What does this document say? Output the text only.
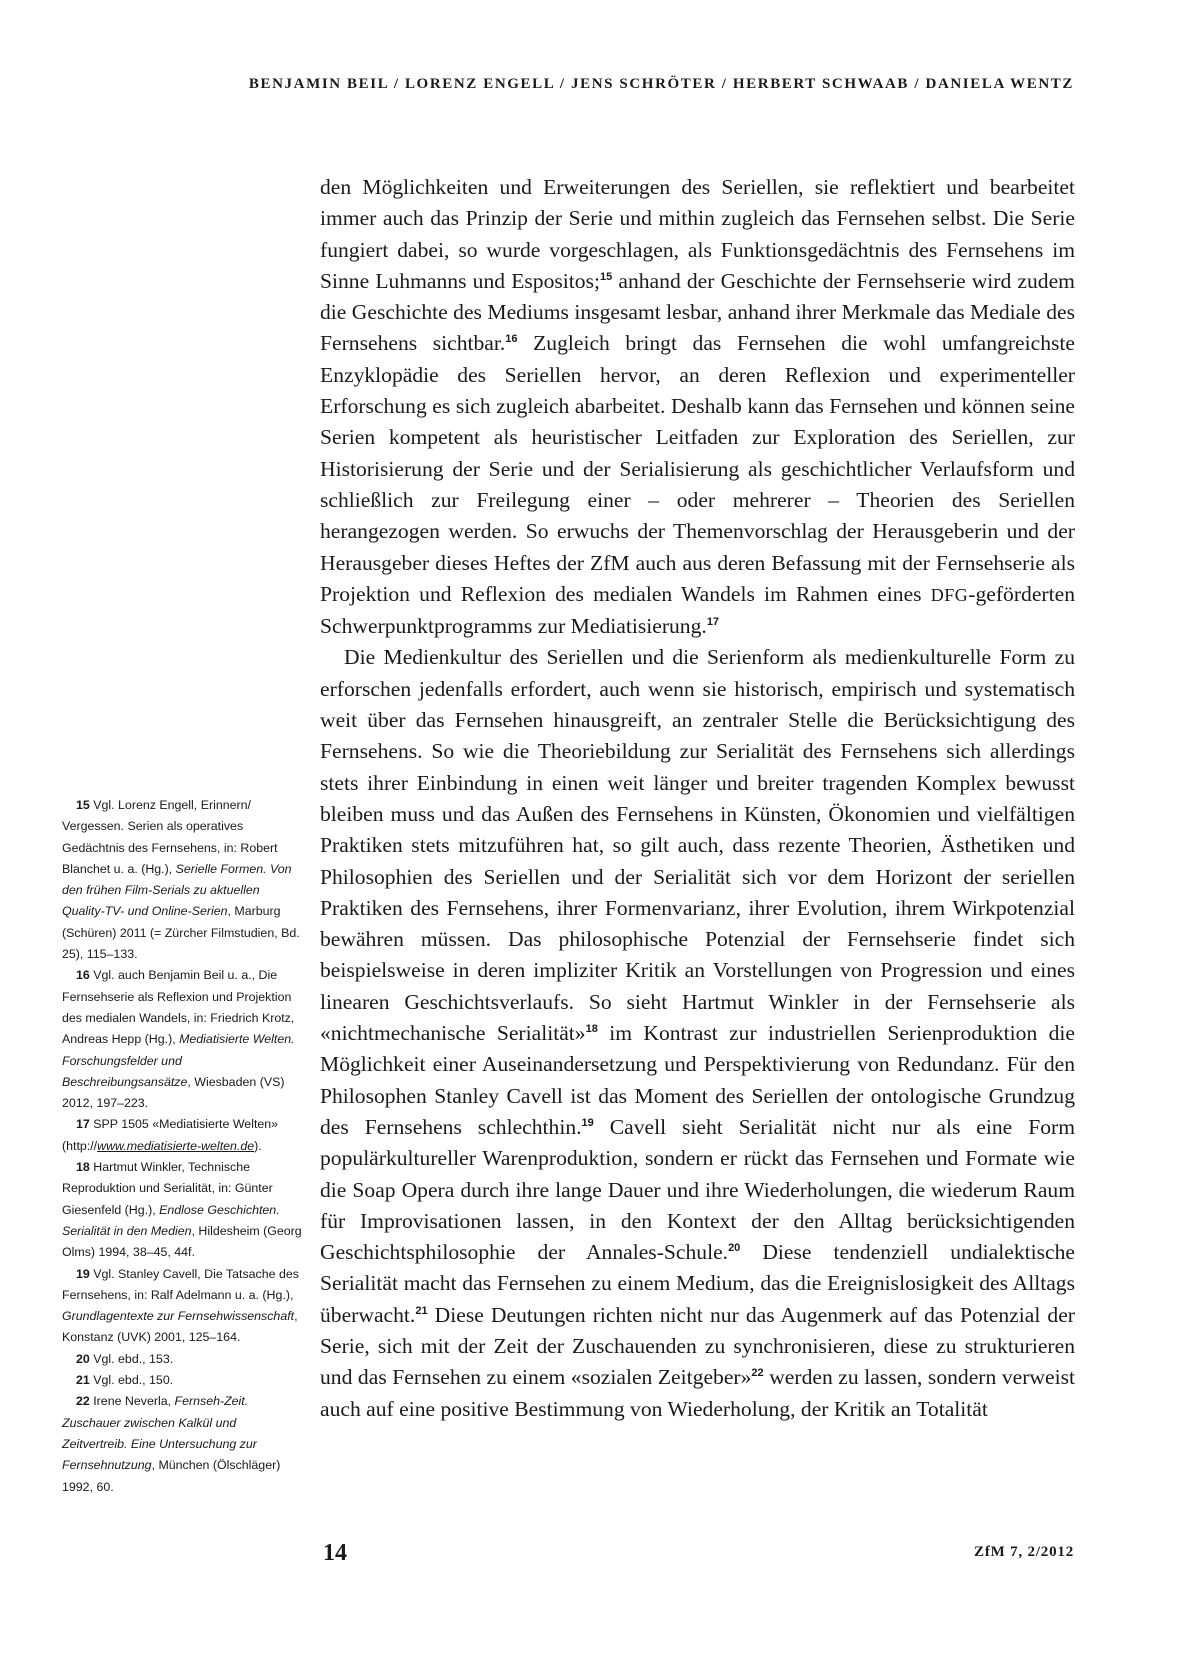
BENJAMIN BEIL / LORENZ ENGELL / JENS SCHRÖTER / HERBERT SCHWAAB / DANIELA WENTZ

den Möglichkeiten und Erweiterungen des Seriellen, sie reflektiert und bearbeitet immer auch das Prinzip der Serie und mithin zugleich das Fernsehen selbst. Die Serie fungiert dabei, so wurde vorgeschlagen, als Funktionsgedächtnis des Fernsehens im Sinne Luhmanns und Espositos;$^{15}$ anhand der Geschichte der Fernsehserie wird zudem die Geschichte des Mediums insgesamt lesbar, anhand ihrer Merkmale das Mediale des Fernsehens sichtbar.$^{16}$ Zugleich bringt das Fernsehen die wohl umfangreichste Enzyklopädie des Seriellen hervor, an deren Reflexion und experimenteller Erforschung es sich zugleich abarbeitet. Deshalb kann das Fernsehen und können seine Serien kompetent als heuristischer Leitfaden zur Exploration des Seriellen, zur Historisierung der Serie und der Serialisierung als geschichtlicher Verlaufsform und schließlich zur Freilegung einer – oder mehrerer – Theorien des Seriellen herangezogen werden. So erwuchs der Themenvorschlag der Herausgeberin und der Herausgeber dieses Heftes der ZfM auch aus deren Befassung mit der Fernsehserie als Projektion und Reflexion des medialen Wandels im Rahmen eines DFG-geförderten Schwerpunktprogramms zur Mediatisierung.$^{17}$

Die Medienkultur des Seriellen und die Serienform als medienkulturelle Form zu erforschen jedenfalls erfordert, auch wenn sie historisch, empirisch und systematisch weit über das Fernsehen hinausgreift, an zentraler Stelle die Berücksichtigung des Fernsehens. So wie die Theoriebildung zur Serialität des Fernsehens sich allerdings stets ihrer Einbindung in einen weit länger und breiter tragenden Komplex bewusst bleiben muss und das Außen des Fernsehens in Künsten, Ökonomien und vielfältigen Praktiken stets mitzuführen hat, so gilt auch, dass rezente Theorien, Ästhetiken und Philosophien des Seriellen und der Serialität sich vor dem Horizont der seriellen Praktiken des Fernsehens, ihrer Formenvarianz, ihrer Evolution, ihrem Wirkpotenzial bewähren müssen. Das philosophische Potenzial der Fernsehserie findet sich beispielsweise in deren impliziter Kritik an Vorstellungen von Progression und eines linearen Geschichtsverlaufs. So sieht Hartmut Winkler in der Fernsehserie als «nichtmechanische Serialität»$^{18}$ im Kontrast zur industriellen Serienproduktion die Möglichkeit einer Auseinandersetzung und Perspektivierung von Redundanz. Für den Philosophen Stanley Cavell ist das Moment des Seriellen der ontologische Grundzug des Fernsehens schlechthin.$^{19}$ Cavell sieht Serialität nicht nur als eine Form populärkultureller Warenproduktion, sondern er rückt das Fernsehen und Formate wie die Soap Opera durch ihre lange Dauer und ihre Wiederholungen, die wiederum Raum für Improvisationen lassen, in den Kontext der den Alltag berücksichtigenden Geschichtsphilosophie der Annales-Schule.$^{20}$ Diese tendenziell undialektische Serialität macht das Fernsehen zu einem Medium, das die Ereignislosigkeit des Alltags überwacht.$^{21}$ Diese Deutungen richten nicht nur das Augenmerk auf das Potenzial der Serie, sich mit der Zeit der Zuschauenden zu synchronisieren, diese zu strukturieren und das Fernsehen zu einem «sozialen Zeitgeber»$^{22}$ werden zu lassen, sondern verweist auch auf eine positive Bestimmung von Wiederholung, der Kritik an Totalität

15 Vgl. Lorenz Engell, Erinnern/ Vergessen. Serien als operatives Gedächtnis des Fernsehens, in: Robert Blanchet u. a. (Hg.), Serielle Formen. Von den frühen Film-Serials zu aktuellen Quality-TV- und Online-Serien, Marburg (Schüren) 2011 (= Zürcher Filmstudien, Bd. 25), 115–133.

16 Vgl. auch Benjamin Beil u. a., Die Fernsehserie als Reflexion und Projektion des medialen Wandels, in: Friedrich Krotz, Andreas Hepp (Hg.), Mediatisierte Welten. Forschungsfelder und Beschreibungsansätze, Wiesbaden (VS) 2012, 197–223.

17 SPP 1505 «Mediatisierte Welten» (http://www.mediatisierte-welten.de).

18 Hartmut Winkler, Technische Reproduktion und Serialität, in: Günter Giesenfeld (Hg.), Endlose Geschichten. Serialität in den Medien, Hildesheim (Georg Olms) 1994, 38–45, 44f.

19 Vgl. Stanley Cavell, Die Tatsache des Fernsehens, in: Ralf Adelmann u. a. (Hg.), Grundlagentexte zur Fernsehwissenschaft, Konstanz (UVK) 2001, 125–164.

20 Vgl. ebd., 153.

21 Vgl. ebd., 150.

22 Irene Neverla, Fernseh-Zeit. Zuschauer zwischen Kalkül und Zeitvertreib. Eine Untersuchung zur Fernsehnutzung, München (Ölschläger) 1992, 60.

14	ZfM 7, 2/2012
